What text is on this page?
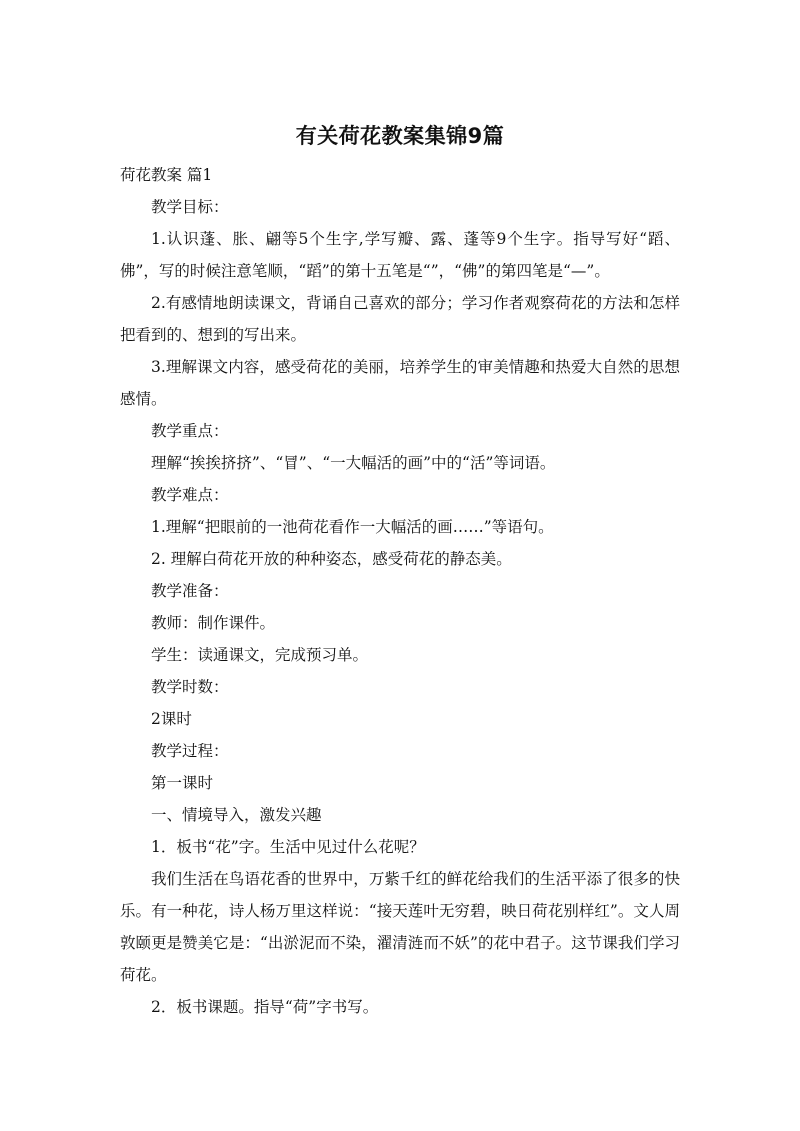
有关荷花教案集锦9篇

荷花教案 篇1

教学目标：

1.认识蓬、胀、翩等5个生字,学写瓣、露、蓬等9个生字。指导写好“蹈、佛”，写的时候注意笔顺，“蹈”的第十五笔是“”，“佛”的第四笔是“—”。

2.有感情地朗读课文，背诵自己喜欢的部分；学习作者观察荷花的方法和怎样把看到的、想到的写出来。

3.理解课文内容，感受荷花的美丽，培养学生的审美情趣和热爱大自然的思想感情。

教学重点：

理解“挨挨挤挤”、“冒”、“一大幅活的画”中的“活”等词语。

教学难点：

1.理解“把眼前的一池荷花看作一大幅活的画……”等语句。

2. 理解白荷花开放的种种姿态，感受荷花的静态美。

教学准备：

教师：制作课件。

学生：读通课文，完成预习单。

教学时数：

2课时

教学过程：

第一课时

一、情境导入，激发兴趣

1．板书“花”字。生活中见过什么花呢？

我们生活在鸟语花香的世界中，万紫千红的鲜花给我们的生活平添了很多的快乐。有一种花，诗人杨万里这样说：“接天莲叶无穷碧，映日荷花别样红”。文人周敦颐更是赞美它是：“出淤泥而不染，濯清涟而不妖”的花中君子。这节课我们学习荷花。

2．板书课题。指导“荷”字书写。
